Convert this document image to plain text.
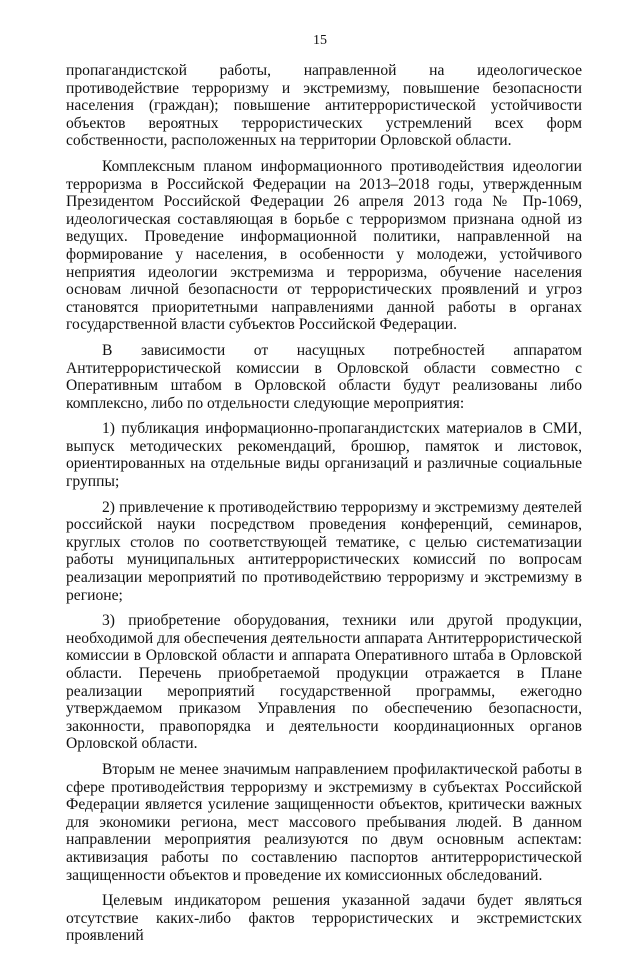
15

пропагандистской работы, направленной на идеологическое противодействие терроризму и экстремизму, повышение безопасности населения (граждан); повышение антитеррористической устойчивости объектов вероятных террористических устремлений всех форм собственности, расположенных на территории Орловской области.

Комплексным планом информационного противодействия идеологии терроризма в Российской Федерации на 2013–2018 годы, утвержденным Президентом Российской Федерации 26 апреля 2013 года № Пр-1069, идеологическая составляющая в борьбе с терроризмом признана одной из ведущих. Проведение информационной политики, направленной на формирование у населения, в особенности у молодежи, устойчивого неприятия идеологии экстремизма и терроризма, обучение населения основам личной безопасности от террористических проявлений и угроз становятся приоритетными направлениями данной работы в органах государственной власти субъектов Российской Федерации.

В зависимости от насущных потребностей аппаратом Антитеррористической комиссии в Орловской области совместно с Оперативным штабом в Орловской области будут реализованы либо комплексно, либо по отдельности следующие мероприятия:

1) публикация информационно-пропагандистских материалов в СМИ, выпуск методических рекомендаций, брошюр, памяток и листовок, ориентированных на отдельные виды организаций и различные социальные группы;

2) привлечение к противодействию терроризму и экстремизму деятелей российской науки посредством проведения конференций, семинаров, круглых столов по соответствующей тематике, с целью систематизации работы муниципальных антитеррористических комиссий по вопросам реализации мероприятий по противодействию терроризму и экстремизму в регионе;

3) приобретение оборудования, техники или другой продукции, необходимой для обеспечения деятельности аппарата Антитеррористической комиссии в Орловской области и аппарата Оперативного штаба в Орловской области. Перечень приобретаемой продукции отражается в Плане реализации мероприятий государственной программы, ежегодно утверждаемом приказом Управления по обеспечению безопасности, законности, правопорядка и деятельности координационных органов Орловской области.

Вторым не менее значимым направлением профилактической работы в сфере противодействия терроризму и экстремизму в субъектах Российской Федерации является усиление защищенности объектов, критически важных для экономики региона, мест массового пребывания людей. В данном направлении мероприятия реализуются по двум основным аспектам: активизация работы по составлению паспортов антитеррористической защищенности объектов и проведение их комиссионных обследований.

Целевым индикатором решения указанной задачи будет являться отсутствие каких-либо фактов террористических и экстремистских проявлений
